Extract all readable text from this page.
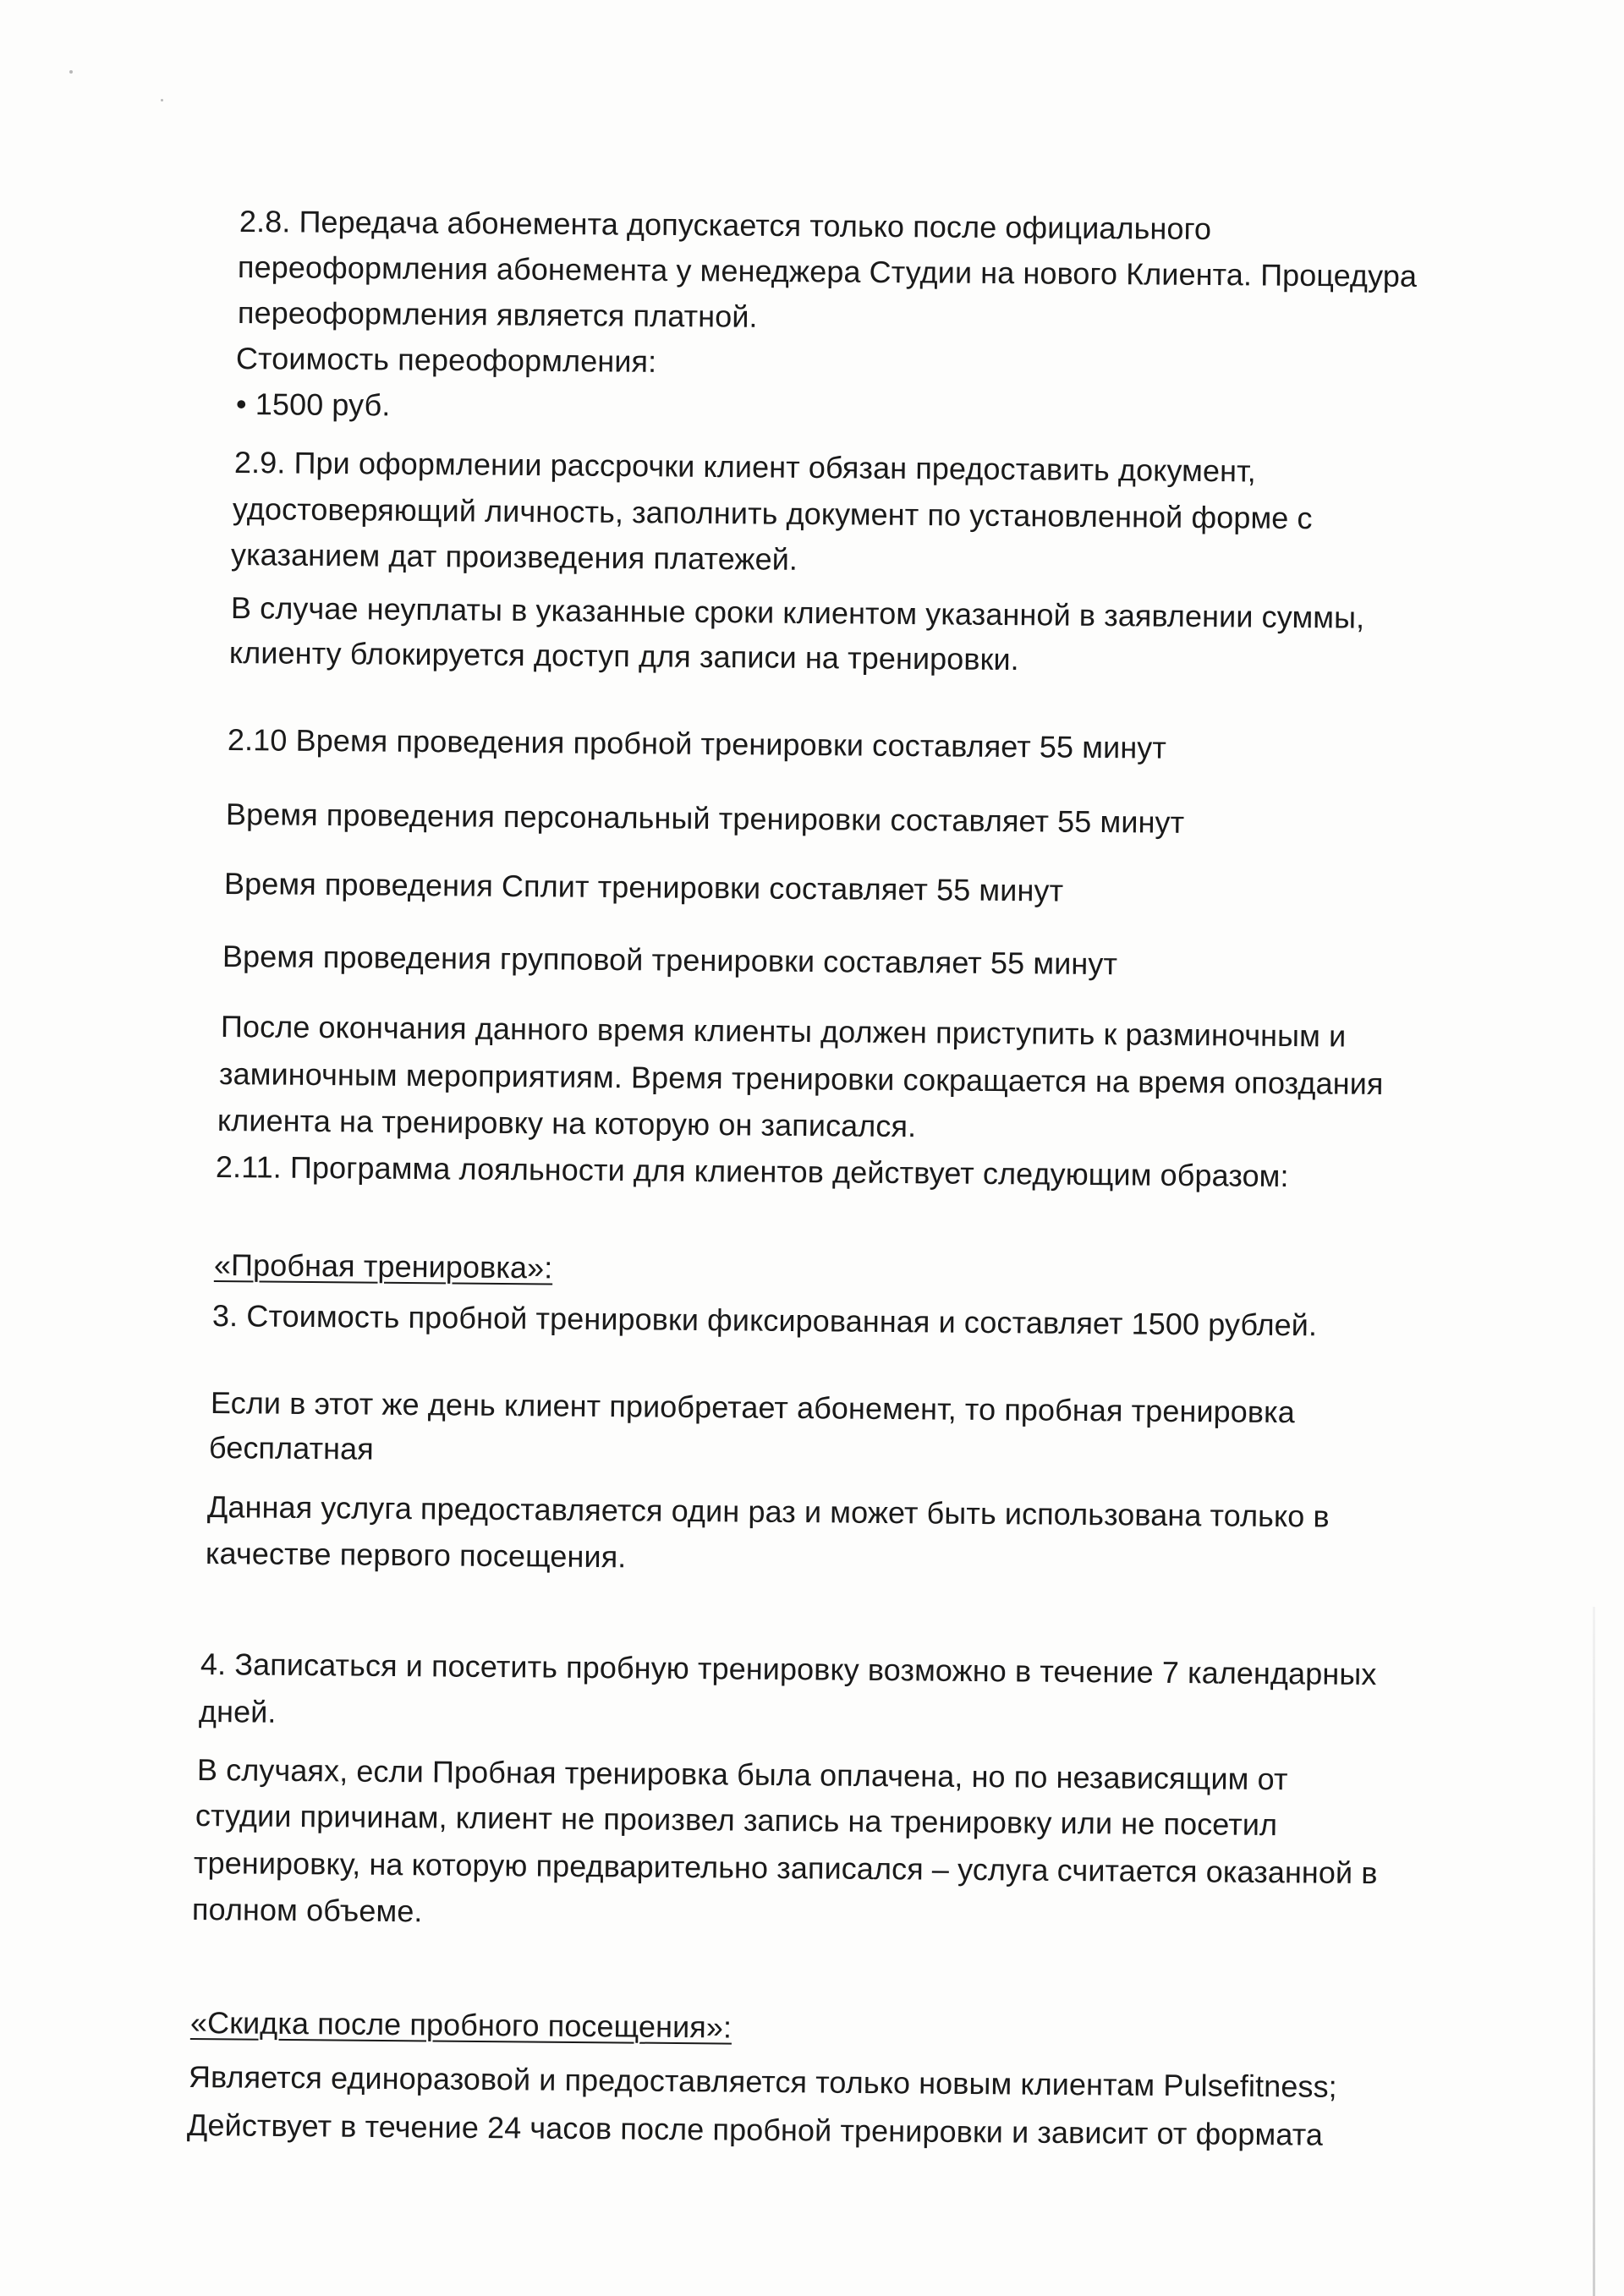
2.8. Передача абонемента допускается только после официального
переоформления абонемента у менеджера Студии на нового Клиента. Процедура
переоформления является платной.
Стоимость переоформления:
• 1500 руб.
2.9. При оформлении рассрочки клиент обязан предоставить документ,
удостоверяющий личность, заполнить документ по установленной форме с
указанием дат произведения платежей.
В случае неуплаты в указанные сроки клиентом указанной в заявлении суммы,
клиенту блокируется доступ для записи на тренировки.
2.10 Время проведения пробной тренировки составляет 55 минут
Время проведения персональный тренировки составляет 55 минут
Время проведения Сплит тренировки составляет 55 минут
Время проведения групповой тренировки составляет 55 минут
После окончания данного время клиенты должен приступить к разминочным и
заминочным мероприятиям. Время тренировки сокращается на время опоздания
клиента на тренировку на которую он записался.
2.11. Программа лояльности для клиентов действует следующим образом:
«Пробная тренировка»:
3. Стоимость пробной тренировки фиксированная и составляет 1500 рублей.
Если в этот же день клиент приобретает абонемент, то пробная тренировка
бесплатная
Данная услуга предоставляется один раз и может быть использована только в
качестве первого посещения.
4. Записаться и посетить пробную тренировку возможно в течение 7 календарных
дней.
В случаях, если Пробная тренировка была оплачена, но по независящим от
студии причинам, клиент не произвел запись на тренировку или не посетил
тренировку, на которую предварительно записался – услуга считается оказанной в
полном объеме.
«Скидка после пробного посещения»:
Является единоразовой и предоставляется только новым клиентам Pulsefitness;
Действует в течение 24 часов после пробной тренировки и зависит от формата
